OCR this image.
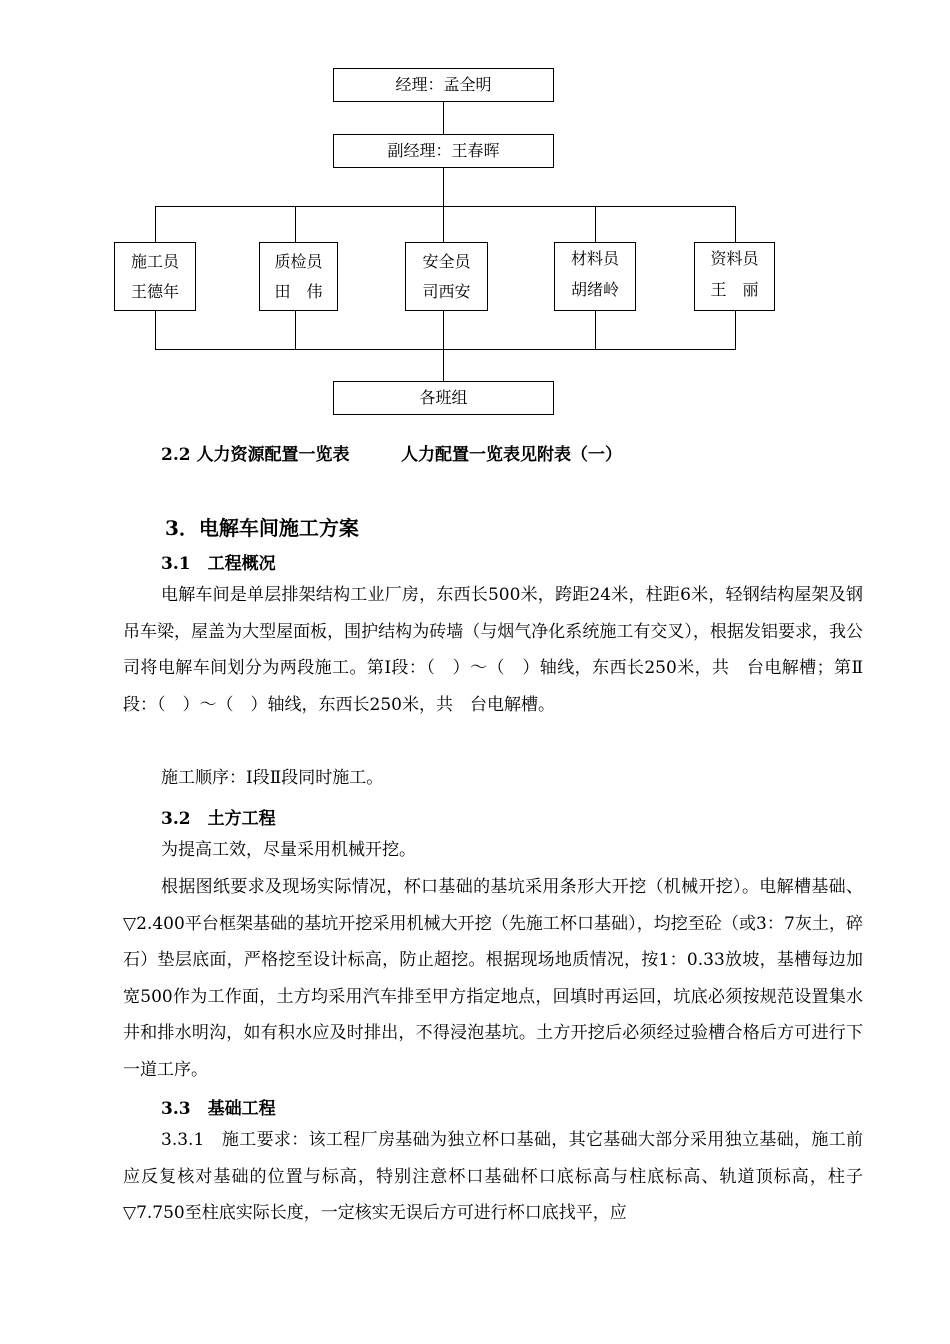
经理：孟全明
副经理：王春晖
施工员
王德年
质检员
田　伟
安全员
司西安
材料员
胡绪岭
资料员
王　丽
各班组
2.2 人力资源配置一览表	人力配置一览表见附表（一）
3．电解车间施工方案
3.1　工程概况
电解车间是单层排架结构工业厂房，东西长500米，跨距24米，柱距6米，轻钢结构屋架及钢吊车梁，屋盖为大型屋面板，围护结构为砖墙（与烟气净化系统施工有交叉），根据发铝要求，我公司将电解车间划分为两段施工。第Ⅰ段：（　）～（　）轴线，东西长250米，共　台电解槽；第Ⅱ段：（　）～（　）轴线，东西长250米，共　台电解槽。
施工顺序：Ⅰ段Ⅱ段同时施工。
3.2　土方工程
为提高工效，尽量采用机械开挖。
根据图纸要求及现场实际情况，杯口基础的基坑采用条形大开挖（机械开挖）。电解槽基础、▽2.400平台框架基础的基坑开挖采用机械大开挖（先施工杯口基础），均挖至砼（或3：7灰土，碎石）垫层底面，严格挖至设计标高，防止超挖。根据现场地质情况，按1：0.33放坡，基槽每边加宽500作为工作面，土方均采用汽车排至甲方指定地点，回填时再运回，坑底必须按规范设置集水井和排水明沟，如有积水应及时排出，不得浸泡基坑。土方开挖后必须经过验槽合格后方可进行下一道工序。
3.3　基础工程
3.3.1　施工要求：该工程厂房基础为独立杯口基础，其它基础大部分采用独立基础，施工前应反复核对基础的位置与标高，特别注意杯口基础杯口底标高与柱底标高、轨道顶标高，柱子▽7.750至柱底实际长度，一定核实无误后方可进行杯口底找平，应
